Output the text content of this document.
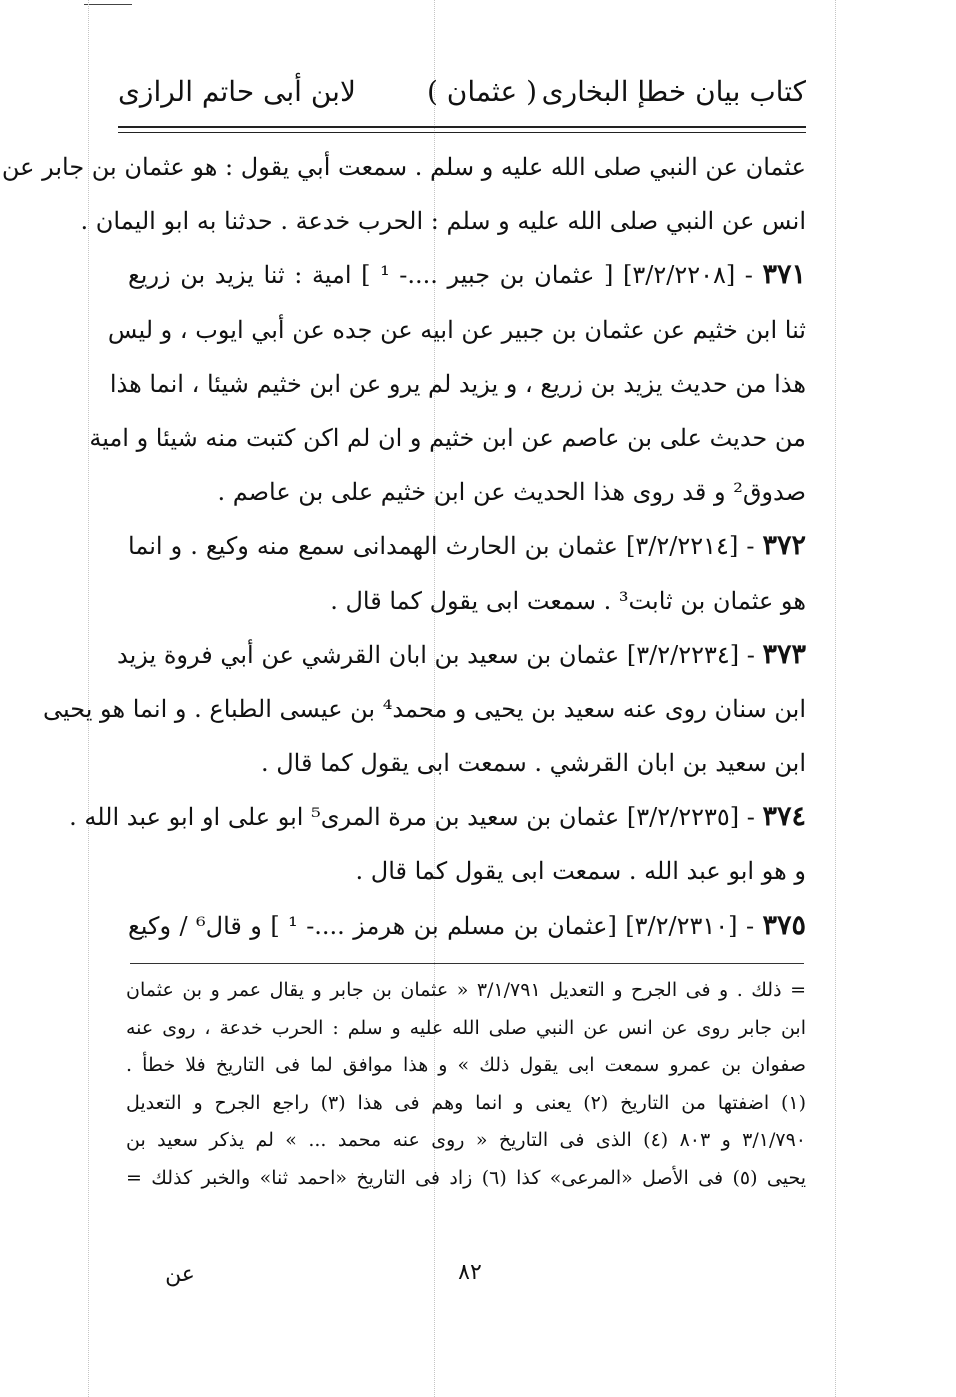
كتاب بيان خطإ البخارى
( عثمان )
لابن أبى حاتم الرازى
عثمان عن النبي صلى الله عليه و سلم . سمعت أبي يقول : هو عثمان بن جابر عن
انس عن النبي صلى الله عليه و سلم : الحرب خدعة . حدثنا به ابو اليمان .
٣٧١ - [٣/٢/٢٢٠٨] [ عثمان بن جبير ....- ¹ ] امية : ثنا يزيد بن زريع
ثنا ابن خثيم عن عثمان بن جبير عن ابيه عن جده عن أبي ايوب ، و ليس
هذا من حديث يزيد بن زريع ، و يزيد لم يرو عن ابن خثيم شيئا ، انما هذا
من حديث على بن عاصم عن ابن خثيم و ان لم اكن كتبت منه شيئا و امية
صدوق² و قد روى هذا الحديث عن ابن خثيم على بن عاصم .
٣٧٢ - [٣/٢/٢٢١٤] عثمان بن الحارث الهمدانى سمع منه وكيع . و انما
هو عثمان بن ثابت³ . سمعت ابى يقول كما قال .
٣٧٣ - [٣/٢/٢٢٣٤] عثمان بن سعيد بن ابان القرشي عن أبي فروة يزيد
ابن سنان روى عنه سعيد بن يحيى و محمد⁴ بن عيسى الطباع . و انما هو يحيى
ابن سعيد بن ابان القرشي . سمعت ابى يقول كما قال .
٣٧٤ - [٣/٢/٢٢٣٥] عثمان بن سعيد بن مرة المرى⁵ ابو على او ابو عبد الله .
و هو ابو عبد الله . سمعت ابى يقول كما قال .
٣٧٥ - [٣/٢/٢٣١٠] [عثمان بن مسلم بن هرمز ....- ¹ ] و قال⁶ / وكيع
= ذلك . و فى الجرح و التعديل ٣/١/٧٩١ « عثمان بن جابر و يقال عمر و بن عثمان
ابن جابر روى عن انس عن النبي صلى الله عليه و سلم : الحرب خدعة ، روى عنه
صفوان بن عمرو سمعت ابى يقول ذلك » و هذا موافق لما فى التاريخ فلا خطأ .
(١) اضفتها من التاريخ (٢) يعنى و انما وهم فى هذا (٣) راجع الجرح و التعديل
٣/١/٧٩٠ و ٨٠٣ (٤) الذى فى التاريخ « روى عنه محمد ... » لم يذكر سعيد بن
يحيى (٥) فى الأصل «المرعى» كذا (٦) زاد فى التاريخ «احمد ثنا» والخبر كذلك =
٨٢
عن
